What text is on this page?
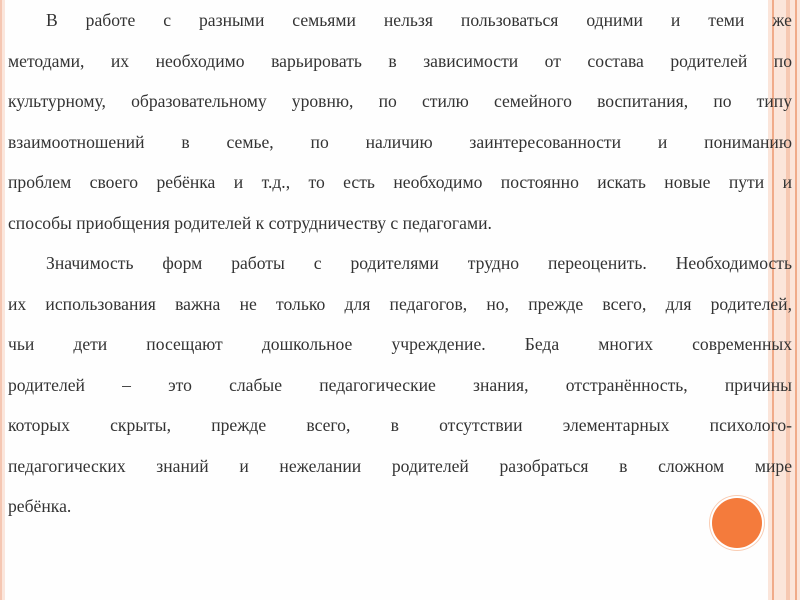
В работе с разными семьями нельзя пользоваться одними и теми же
методами, их необходимо варьировать в зависимости от состава родителей по
культурному, образовательному уровню, по стилю семейного воспитания, по типу
взаимоотношений в семье, по наличию заинтересованности и пониманию
проблем своего ребёнка и т.д., то есть необходимо постоянно искать новые пути и
способы приобщения родителей к сотрудничеству с педагогами.
Значимость форм работы с родителями трудно переоценить. Необходимость
их использования важна не только для педагогов, но, прежде всего, для родителей,
чьи дети посещают дошкольное учреждение. Беда многих современных
родителей – это слабые педагогические знания, отстранённость, причины
которых скрыты, прежде всего, в отсутствии элементарных психолого-
педагогических знаний и нежелании родителей разобраться в сложном мире
ребёнка.
